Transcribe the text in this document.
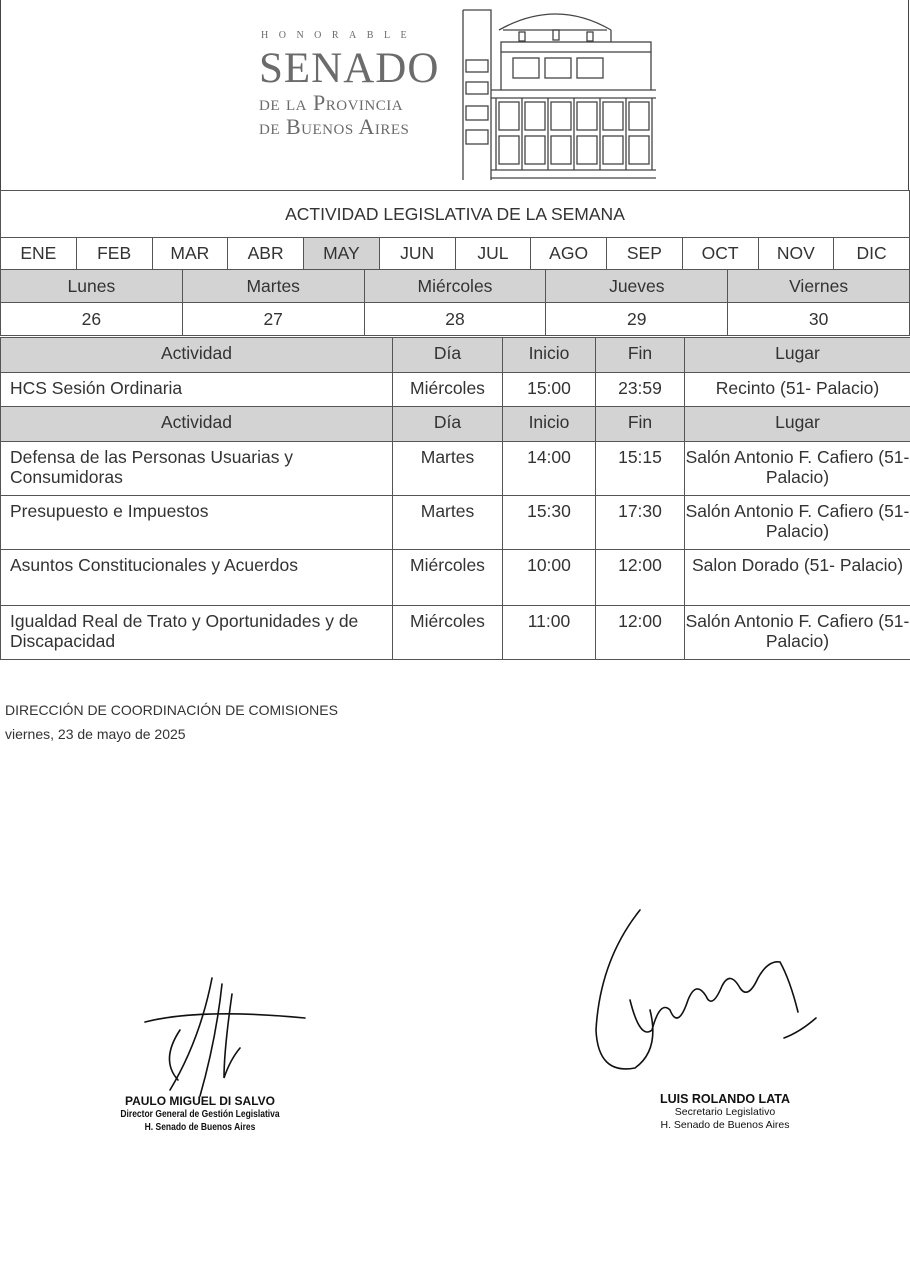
HONORABLE
SENADO
de la Provincia
de Buenos Aires
ACTIVIDAD LEGISLATIVA DE LA SEMANA
ENE	FEB	MAR	ABR	MAY	JUN	JUL	AGO	SEP	OCT	NOV	DIC
Lunes	Martes	Miércoles	Jueves	Viernes
26	27	28	29	30
Actividad	Día	Inicio	Fin	Lugar
HCS Sesión Ordinaria	Miércoles	15:00	23:59	Recinto (51- Palacio)
Actividad	Día	Inicio	Fin	Lugar
Defensa de las Personas Usuarias y Consumidoras	Martes	14:00	15:15	Salón Antonio F. Cafiero (51- Palacio)
Presupuesto e Impuestos	Martes	15:30	17:30	Salón Antonio F. Cafiero (51- Palacio)
Asuntos Constitucionales y Acuerdos	Miércoles	10:00	12:00	Salon Dorado (51- Palacio)
Igualdad Real de Trato y Oportunidades y de Discapacidad	Miércoles	11:00	12:00	Salón Antonio F. Cafiero (51- Palacio)
DIRECCIÓN DE COORDINACIÓN DE COMISIONES
viernes, 23 de mayo de 2025
PAULO MIGUEL DI SALVO
Director General de Gestión Legislativa
H. Senado de Buenos Aires
LUIS ROLANDO LATA
Secretario Legislativo
H. Senado de Buenos Aires
